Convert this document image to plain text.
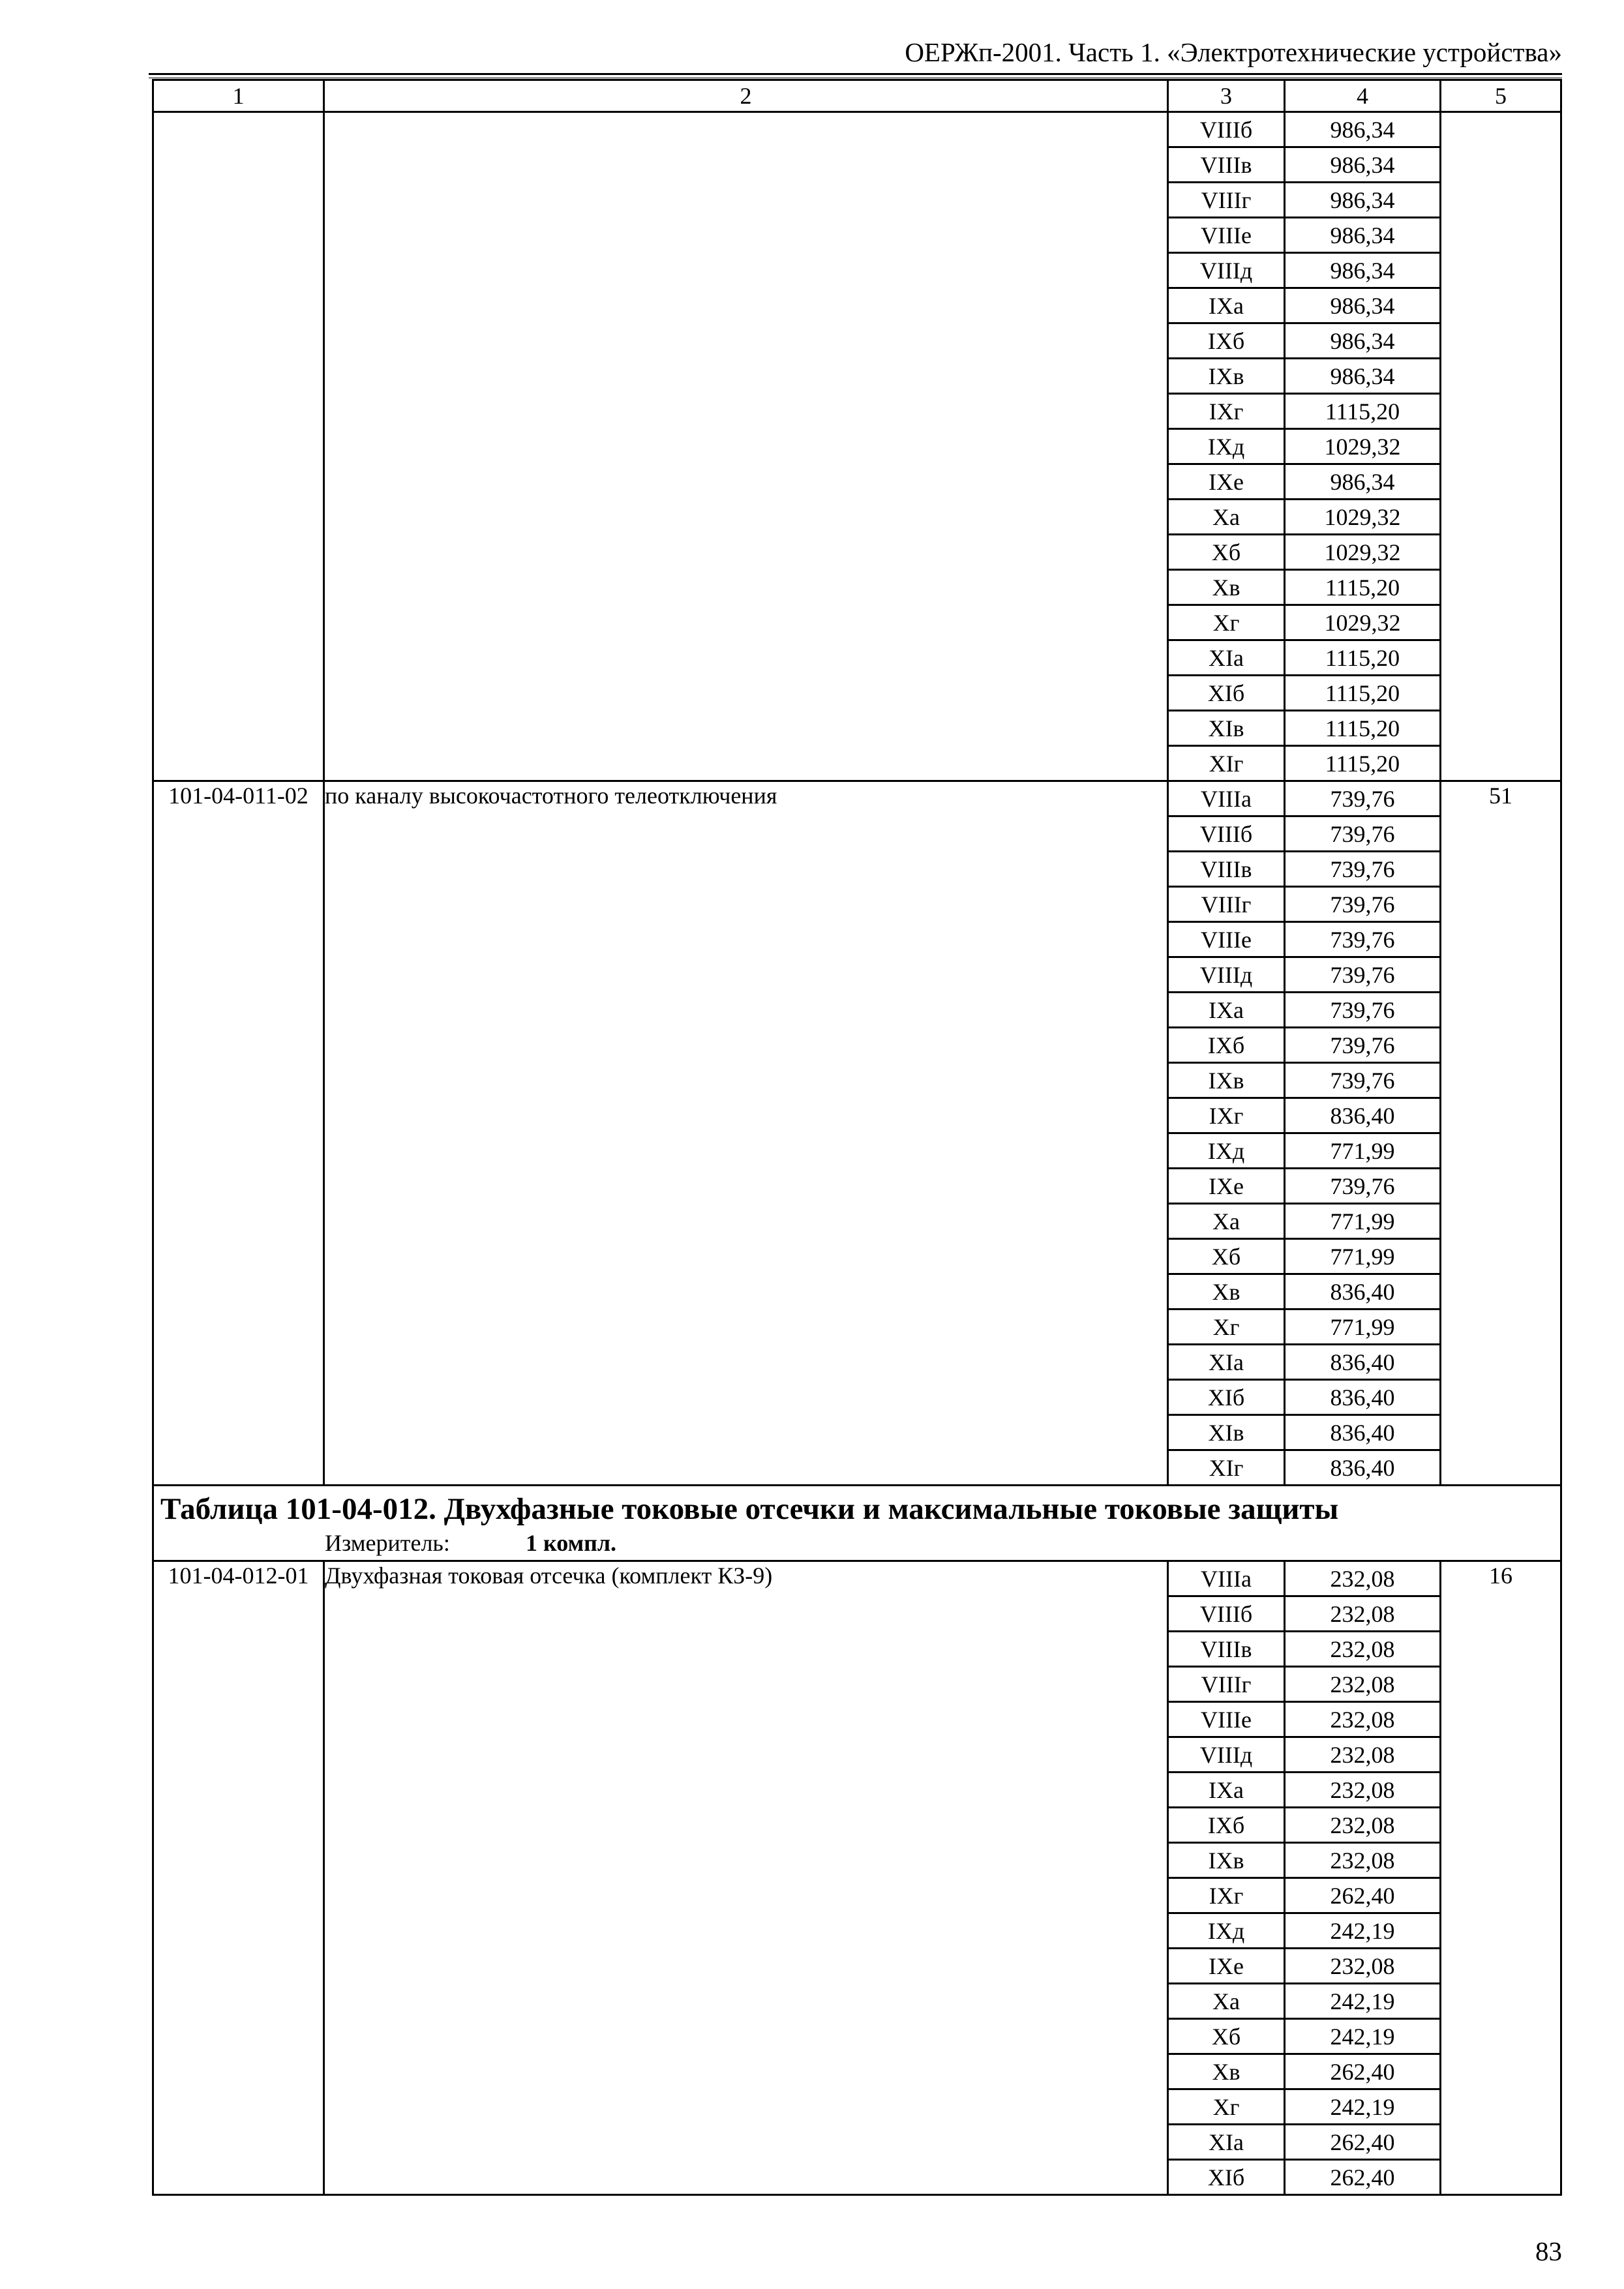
ОЕРЖп-2001. Часть 1. «Электротехнические устройства»
1	2	3	4	5
		VIIIб	986,34	
		VIIIв	986,34	
		VIIIг	986,34	
		VIIIе	986,34	
		VIIIд	986,34	
		IXа	986,34	
		IXб	986,34	
		IXв	986,34	
		IXг	1115,20	
		IXд	1029,32	
		IXе	986,34	
		Xа	1029,32	
		Xб	1029,32	
		Xв	1115,20	
		Xг	1029,32	
		XIа	1115,20	
		XIб	1115,20	
		XIв	1115,20	
		XIг	1115,20	
101-04-011-02	по каналу высокочастотного телеотключения	VIIIа	739,76	51
		VIIIб	739,76	
		VIIIв	739,76	
		VIIIг	739,76	
		VIIIе	739,76	
		VIIIд	739,76	
		IXа	739,76	
		IXб	739,76	
		IXв	739,76	
		IXг	836,40	
		IXд	771,99	
		IXе	739,76	
		Xа	771,99	
		Xб	771,99	
		Xв	836,40	
		Xг	771,99	
		XIа	836,40	
		XIб	836,40	
		XIв	836,40	
		XIг	836,40	

Таблица 101-04-012. Двухфазные токовые отсечки и максимальные токовые защиты
Измеритель: 1 компл.				

101-04-012-01	Двухфазная токовая отсечка (комплект КЗ-9)	VIIIа	232,08	16
		VIIIб	232,08	
		VIIIв	232,08	
		VIIIг	232,08	
		VIIIе	232,08	
		VIIIд	232,08	
		IXа	232,08	
		IXб	232,08	
		IXв	232,08	
		IXг	262,40	
		IXд	242,19	
		IXе	232,08	
		Xа	242,19	
		Xб	242,19	
		Xв	262,40	
		Xг	242,19	
		XIа	262,40	
		XIб	262,40	
83
